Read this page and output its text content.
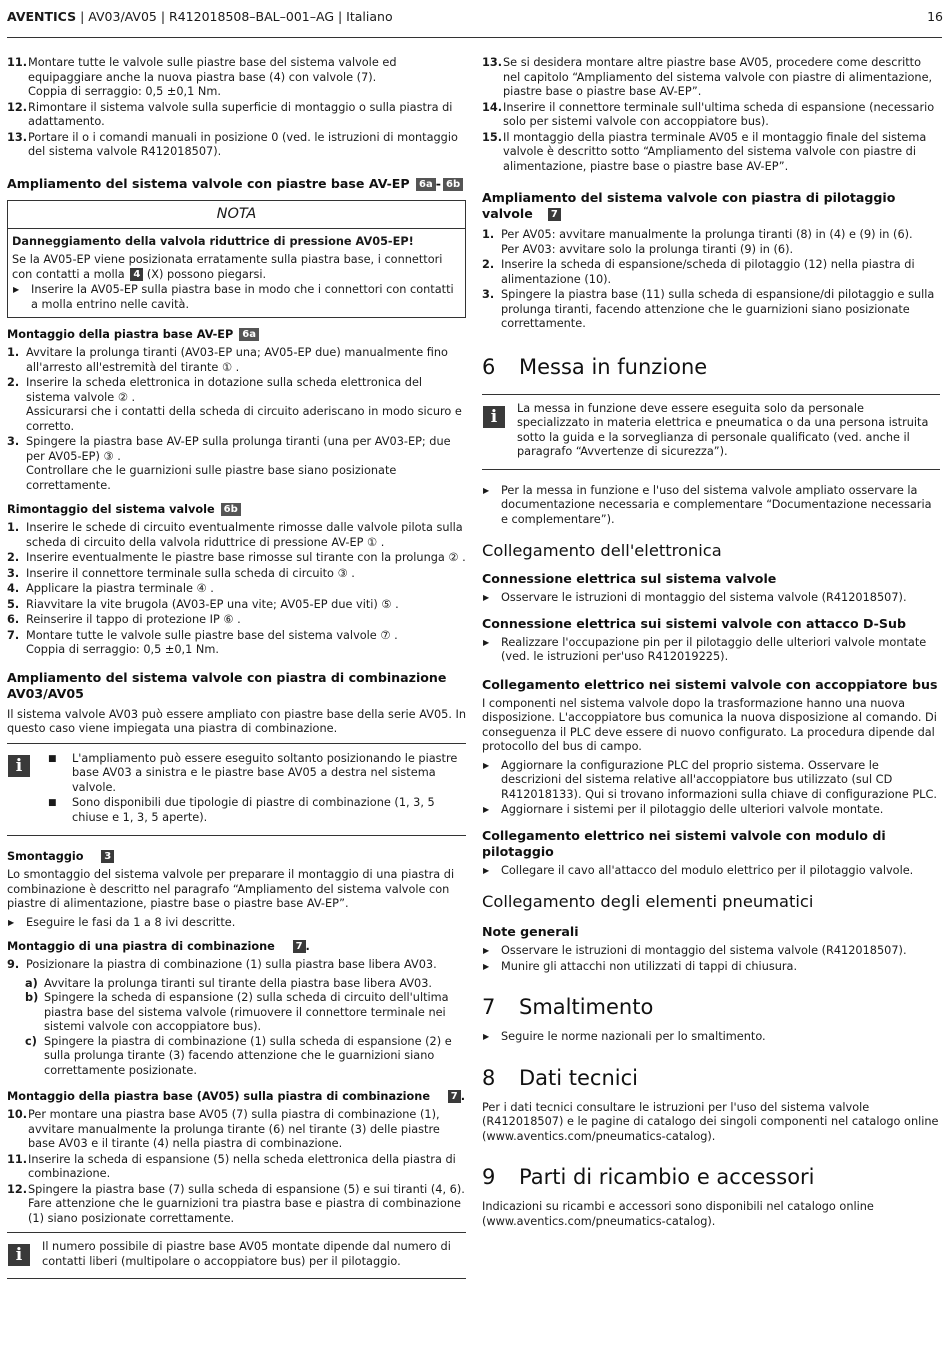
AVENTICS | AV03/AV05 | R412018508–BAL–001–AG | Italiano	16
11. Montare tutte le valvole sulle piastre base del sistema valvole ed equipaggiare anche la nuova piastra base (4) con valvole (7).
Coppia di serraggio: 0,5 ±0,1 Nm.
12. Rimontare il sistema valvole sulla superficie di montaggio o sulla piastra di adattamento.
13. Portare il o i comandi manuali in posizione 0 (ved. le istruzioni di montaggio del sistema valvole R412018507).
Ampliamento del sistema valvole con piastre base AV-EP 6a - 6b
NOTA
Danneggiamento della valvola riduttrice di pressione AV05-EP!
Se la AV05-EP viene posizionata erratamente sulla piastra base, i connettori con contatti a molla 4 (X) possono piegarsi.
▶	Inserire la AV05-EP sulla piastra base in modo che i connettori con contatti a molla entrino nelle cavità.
Montaggio della piastra base AV-EP 6a
1. Avvitare la prolunga tiranti (AV03-EP una; AV05-EP due) manualmente fino all'arresto all'estremità del tirante ① .
2. Inserire la scheda elettronica in dotazione sulla scheda elettronica del sistema valvole ② .
Assicurarsi che i contatti della scheda di circuito aderiscano in modo sicuro e corretto.
3. Spingere la piastra base AV-EP sulla prolunga tiranti (una per AV03-EP; due per AV05-EP) ③ .
Controllare che le guarnizioni sulle piastre base siano posizionate correttamente.
Rimontaggio del sistema valvole 6b
1. Inserire le schede di circuito eventualmente rimosse dalle valvole pilota sulla scheda di circuito della valvola riduttrice di pressione AV-EP ① .
2. Inserire eventualmente le piastre base rimosse sul tirante con la prolunga ② .
3. Inserire il connettore terminale sulla scheda di circuito ③ .
4. Applicare la piastra terminale ④ .
5. Riavvitare la vite brugola (AV03-EP una vite; AV05-EP due viti) ⑤ .
6. Reinserire il tappo di protezione IP ⑥ .
7. Montare tutte le valvole sulle piastre base del sistema valvole ⑦ .
Coppia di serraggio: 0,5 ±0,1 Nm.
Ampliamento del sistema valvole con piastra di combinazione AV03/AV05

Il sistema valvole AV03 può essere ampliato con piastre base della serie AV05. In questo caso viene impiegata una piastra di combinazione.

i	■	L'ampliamento può essere eseguito soltanto posizionando le piastre base AV03 a sinistra e le piastre base AV05 a destra nel sistema valvole.
■	Sono disponibili due tipologie di piastre di combinazione (1, 3, 5 chiuse e 1, 3, 5 aperte).
Smontaggio 3

Lo smontaggio del sistema valvole per preparare il montaggio di una piastra di combinazione è descritto nel paragrafo “Ampliamento del sistema valvole con piastre di alimentazione, piastre base o piastre base AV-EP”.

▶	Eseguire le fasi da 1 a 8 ivi descritte.
Montaggio di una piastra di combinazione 7 .
9. Posizionare la piastra di combinazione (1) sulla piastra base libera AV03.
a) Avvitare la prolunga tiranti sul tirante della piastra base libera AV03.
b) Spingere la scheda di espansione (2) sulla scheda di circuito dell'ultima piastra base del sistema valvole (rimuovere il connettore terminale nei sistemi valvole con accoppiatore bus).
c) Spingere la piastra di combinazione (1) sulla scheda di espansione (2) e sulla prolunga tirante (3) facendo attenzione che le guarnizioni siano correttamente posizionate.
Montaggio della piastra base (AV05) sulla piastra di combinazione 7 .
10. Per montare una piastra base AV05 (7) sulla piastra di combinazione (1), avvitare manualmente la prolunga tirante (6) nel tirante (3) delle piastre base AV03 e il tirante (4) nella piastra di combinazione.
11. Inserire la scheda di espansione (5) nella scheda elettronica della piastra di combinazione.
12. Spingere la piastra base (7) sulla scheda di espansione (5) e sui tiranti (4, 6). Fare attenzione che le guarnizioni tra piastra base e piastra di combinazione (1) siano posizionate correttamente.
i	Il numero possibile di piastre base AV05 montate dipende dal numero di contatti liberi (multipolare o accoppiatore bus) per il pilotaggio.
13. Se si desidera montare altre piastre base AV05, procedere come descritto nel capitolo “Ampliamento del sistema valvole con piastre di alimentazione, piastre base o piastre base AV-EP”.
14. Inserire il connettore terminale sull'ultima scheda di espansione (necessario solo per sistemi valvole con accoppiatore bus).
15. Il montaggio della piastra terminale AV05 e il montaggio finale del sistema valvole è descritto sotto “Ampliamento del sistema valvole con piastre di alimentazione, piastre base o piastre base AV-EP”.
Ampliamento del sistema valvole con piastra di pilotaggio valvole 7
1. Per AV05: avvitare manualmente la prolunga tiranti (8) in (4) e (9) in (6).
Per AV03: avvitare solo la prolunga tiranti (9) in (6).
2. Inserire la scheda di espansione/scheda di pilotaggio (12) nella piastra di alimentazione (10).
3. Spingere la piastra base (11) sulla scheda di espansione/di pilotaggio e sulla prolunga tiranti, facendo attenzione che le guarnizioni siano posizionate correttamente.
6	Messa in funzione
i	La messa in funzione deve essere eseguita solo da personale specializzato in materia elettrica e pneumatica o da una persona istruita sotto la guida e la sorveglianza di personale qualificato (ved. anche il paragrafo “Avvertenze di sicurezza”).
▶	Per la messa in funzione e l'uso del sistema valvole ampliato osservare la documentazione necessaria e complementare “Documentazione necessaria e complementare”).
Collegamento dell'elettronica
Connessione elettrica sul sistema valvole
▶	Osservare le istruzioni di montaggio del sistema valvole (R412018507).
Connessione elettrica sui sistemi valvole con attacco D-Sub
▶	Realizzare l'occupazione pin per il pilotaggio delle ulteriori valvole montate (ved. le istruzioni per'uso R412019225).
Collegamento elettrico nei sistemi valvole con accoppiatore bus

I componenti nel sistema valvole dopo la trasformazione hanno una nuova disposizione. L'accoppiatore bus comunica la nuova disposizione al comando. Di conseguenza il PLC deve essere di nuovo configurato. La procedura dipende dal protocollo del bus di campo.

▶	Aggiornare la configurazione PLC del proprio sistema. Osservare le descrizioni del sistema relative all'accoppiatore bus utilizzato (sul CD R412018133). Qui si trovano informazioni sulla chiave di configurazione PLC.
▶	Aggiornare i sistemi per il pilotaggio delle ulteriori valvole montate.
Collegamento elettrico nei sistemi valvole con modulo di pilotaggio
▶	Collegare il cavo all'attacco del modulo elettrico per il pilotaggio valvole.
Collegamento degli elementi pneumatici
Note generali
▶	Osservare le istruzioni di montaggio del sistema valvole (R412018507).
▶	Munire gli attacchi non utilizzati di tappi di chiusura.
7	Smaltimento
▶	Seguire le norme nazionali per lo smaltimento.
8	Dati tecnici

Per i dati tecnici consultare le istruzioni per l'uso del sistema valvole (R412018507) e le pagine di catalogo dei singoli componenti nel catalogo online (www.aventics.com/pneumatics-catalog).

9	Parti di ricambio e accessori

Indicazioni su ricambi e accessori sono disponibili nel catalogo online (www.aventics.com/pneumatics-catalog).
